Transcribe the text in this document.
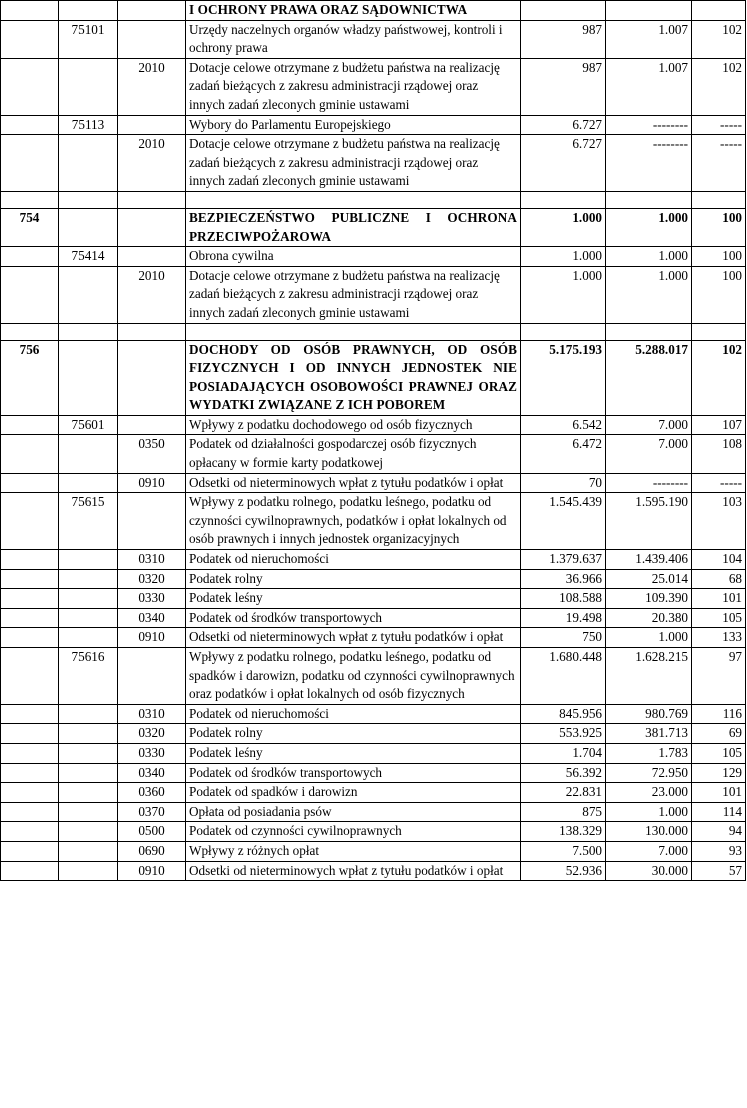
			I OCHRONY PRAWA ORAZ SĄDOWNICTWA			
	75101		Urzędy naczelnych organów władzy państwowej, kontroli i ochrony prawa	987	1.007	102
		2010	Dotacje celowe otrzymane z budżetu państwa na realizację zadań bieżących z zakresu administracji rządowej oraz innych zadań zleconych gminie ustawami	987	1.007	102
	75113		Wybory do Parlamentu Europejskiego	6.727	--------	-----
		2010	Dotacje celowe otrzymane z budżetu państwa na realizację zadań bieżących z zakresu administracji rządowej oraz innych zadań zleconych gminie ustawami	6.727	--------	-----

754			BEZPIECZEŃSTWO PUBLICZNE I OCHRONA PRZECIWPOŻAROWA	1.000	1.000	100
	75414		Obrona cywilna	1.000	1.000	100
		2010	Dotacje celowe otrzymane z budżetu państwa na realizację zadań bieżących z zakresu administracji rządowej oraz innych zadań zleconych gminie ustawami	1.000	1.000	100

756			DOCHODY OD OSÓB PRAWNYCH, OD OSÓB FIZYCZNYCH I OD INNYCH JEDNOSTEK NIE POSIADAJĄCYCH OSOBOWOŚCI PRAWNEJ ORAZ WYDATKI ZWIĄZANE Z ICH POBOREM	5.175.193	5.288.017	102
	75601		Wpływy z podatku dochodowego od osób fizycznych	6.542	7.000	107
		0350	Podatek od działalności gospodarczej osób fizycznych opłacany w formie karty podatkowej	6.472	7.000	108
		0910	Odsetki od nieterminowych wpłat z tytułu podatków i opłat	70	--------	-----
	75615		Wpływy z podatku rolnego, podatku leśnego, podatku od czynności cywilnoprawnych, podatków i opłat lokalnych od osób prawnych i innych jednostek organizacyjnych	1.545.439	1.595.190	103
		0310	Podatek od nieruchomości	1.379.637	1.439.406	104
		0320	Podatek rolny	36.966	25.014	68
		0330	Podatek leśny	108.588	109.390	101
		0340	Podatek od środków transportowych	19.498	20.380	105
		0910	Odsetki od nieterminowych wpłat z tytułu podatków i opłat	750	1.000	133
	75616		Wpływy z podatku rolnego, podatku leśnego, podatku od spadków i darowizn, podatku od czynności cywilnoprawnych oraz podatków i opłat lokalnych od osób fizycznych	1.680.448	1.628.215	97
		0310	Podatek od nieruchomości	845.956	980.769	116
		0320	Podatek rolny	553.925	381.713	69
		0330	Podatek leśny	1.704	1.783	105
		0340	Podatek od środków transportowych	56.392	72.950	129
		0360	Podatek od spadków i darowizn	22.831	23.000	101
		0370	Opłata od posiadania psów	875	1.000	114
		0500	Podatek od czynności cywilnoprawnych	138.329	130.000	94
		0690	Wpływy z różnych opłat	7.500	7.000	93
		0910	Odsetki od nieterminowych wpłat z tytułu podatków i opłat	52.936	30.000	57
